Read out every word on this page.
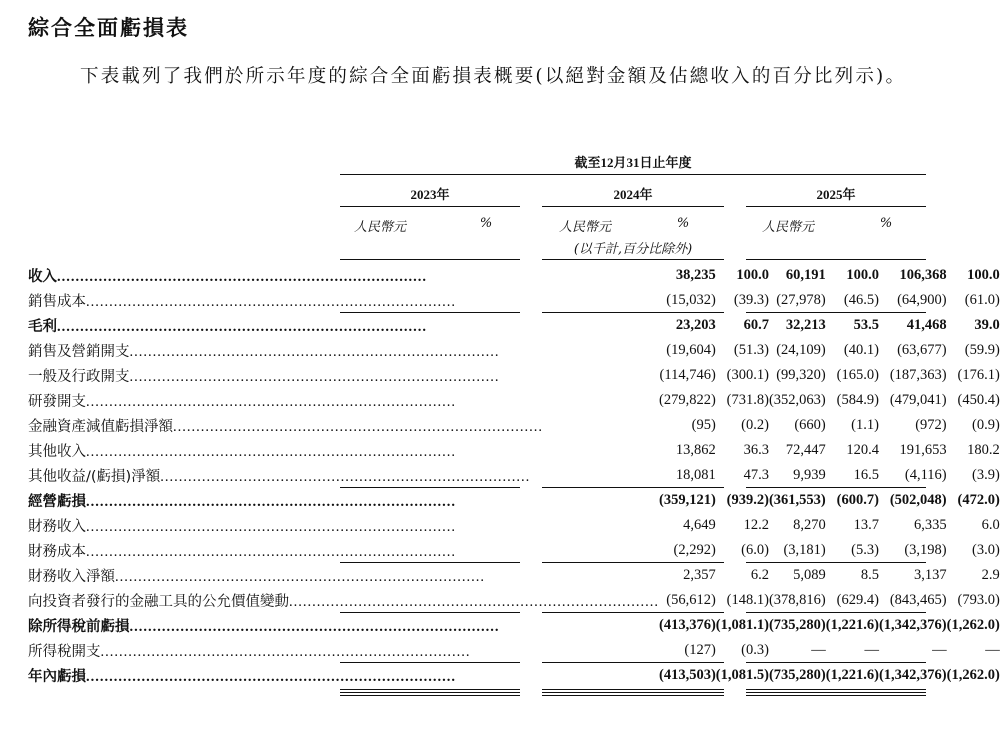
綜合全面虧損表
下表載列了我們於所示年度的綜合全面虧損表概要(以絕對金額及佔總收入的百分比列示)。
截至12月31日止年度
2023年	2024年	2025年
人民幣元	%	人民幣元	%	人民幣元	%
(以千計,百分比除外)
收入................................................................................	38,235	100.0	60,191	100.0	106,368	100.0
銷售成本................................................................................	(15,032)	(39.3)	(27,978)	(46.5)	(64,900)	(61.0)
毛利................................................................................	23,203	60.7	32,213	53.5	41,468	39.0
銷售及營銷開支................................................................................	(19,604)	(51.3)	(24,109)	(40.1)	(63,677)	(59.9)
一般及行政開支................................................................................	(114,746)	(300.1)	(99,320)	(165.0)	(187,363)	(176.1)
研發開支................................................................................	(279,822)	(731.8)	(352,063)	(584.9)	(479,041)	(450.4)
金融資產減值虧損淨額................................................................................	(95)	(0.2)	(660)	(1.1)	(972)	(0.9)
其他收入................................................................................	13,862	36.3	72,447	120.4	191,653	180.2
其他收益/(虧損)淨額................................................................................	18,081	47.3	9,939	16.5	(4,116)	(3.9)
經營虧損................................................................................	(359,121)	(939.2)	(361,553)	(600.7)	(502,048)	(472.0)
財務收入................................................................................	4,649	12.2	8,270	13.7	6,335	6.0
財務成本................................................................................	(2,292)	(6.0)	(3,181)	(5.3)	(3,198)	(3.0)
財務收入淨額................................................................................	2,357	6.2	5,089	8.5	3,137	2.9
向投資者發行的金融工具的公允價值變動................................................................................	(56,612)	(148.1)	(378,816)	(629.4)	(843,465)	(793.0)
除所得稅前虧損................................................................................	(413,376)	(1,081.1)	(735,280)	(1,221.6)	(1,342,376)	(1,262.0)
所得稅開支................................................................................	(127)	(0.3)	—	—	—	—
年內虧損................................................................................	(413,503)	(1,081.5)	(735,280)	(1,221.6)	(1,342,376)	(1,262.0)
